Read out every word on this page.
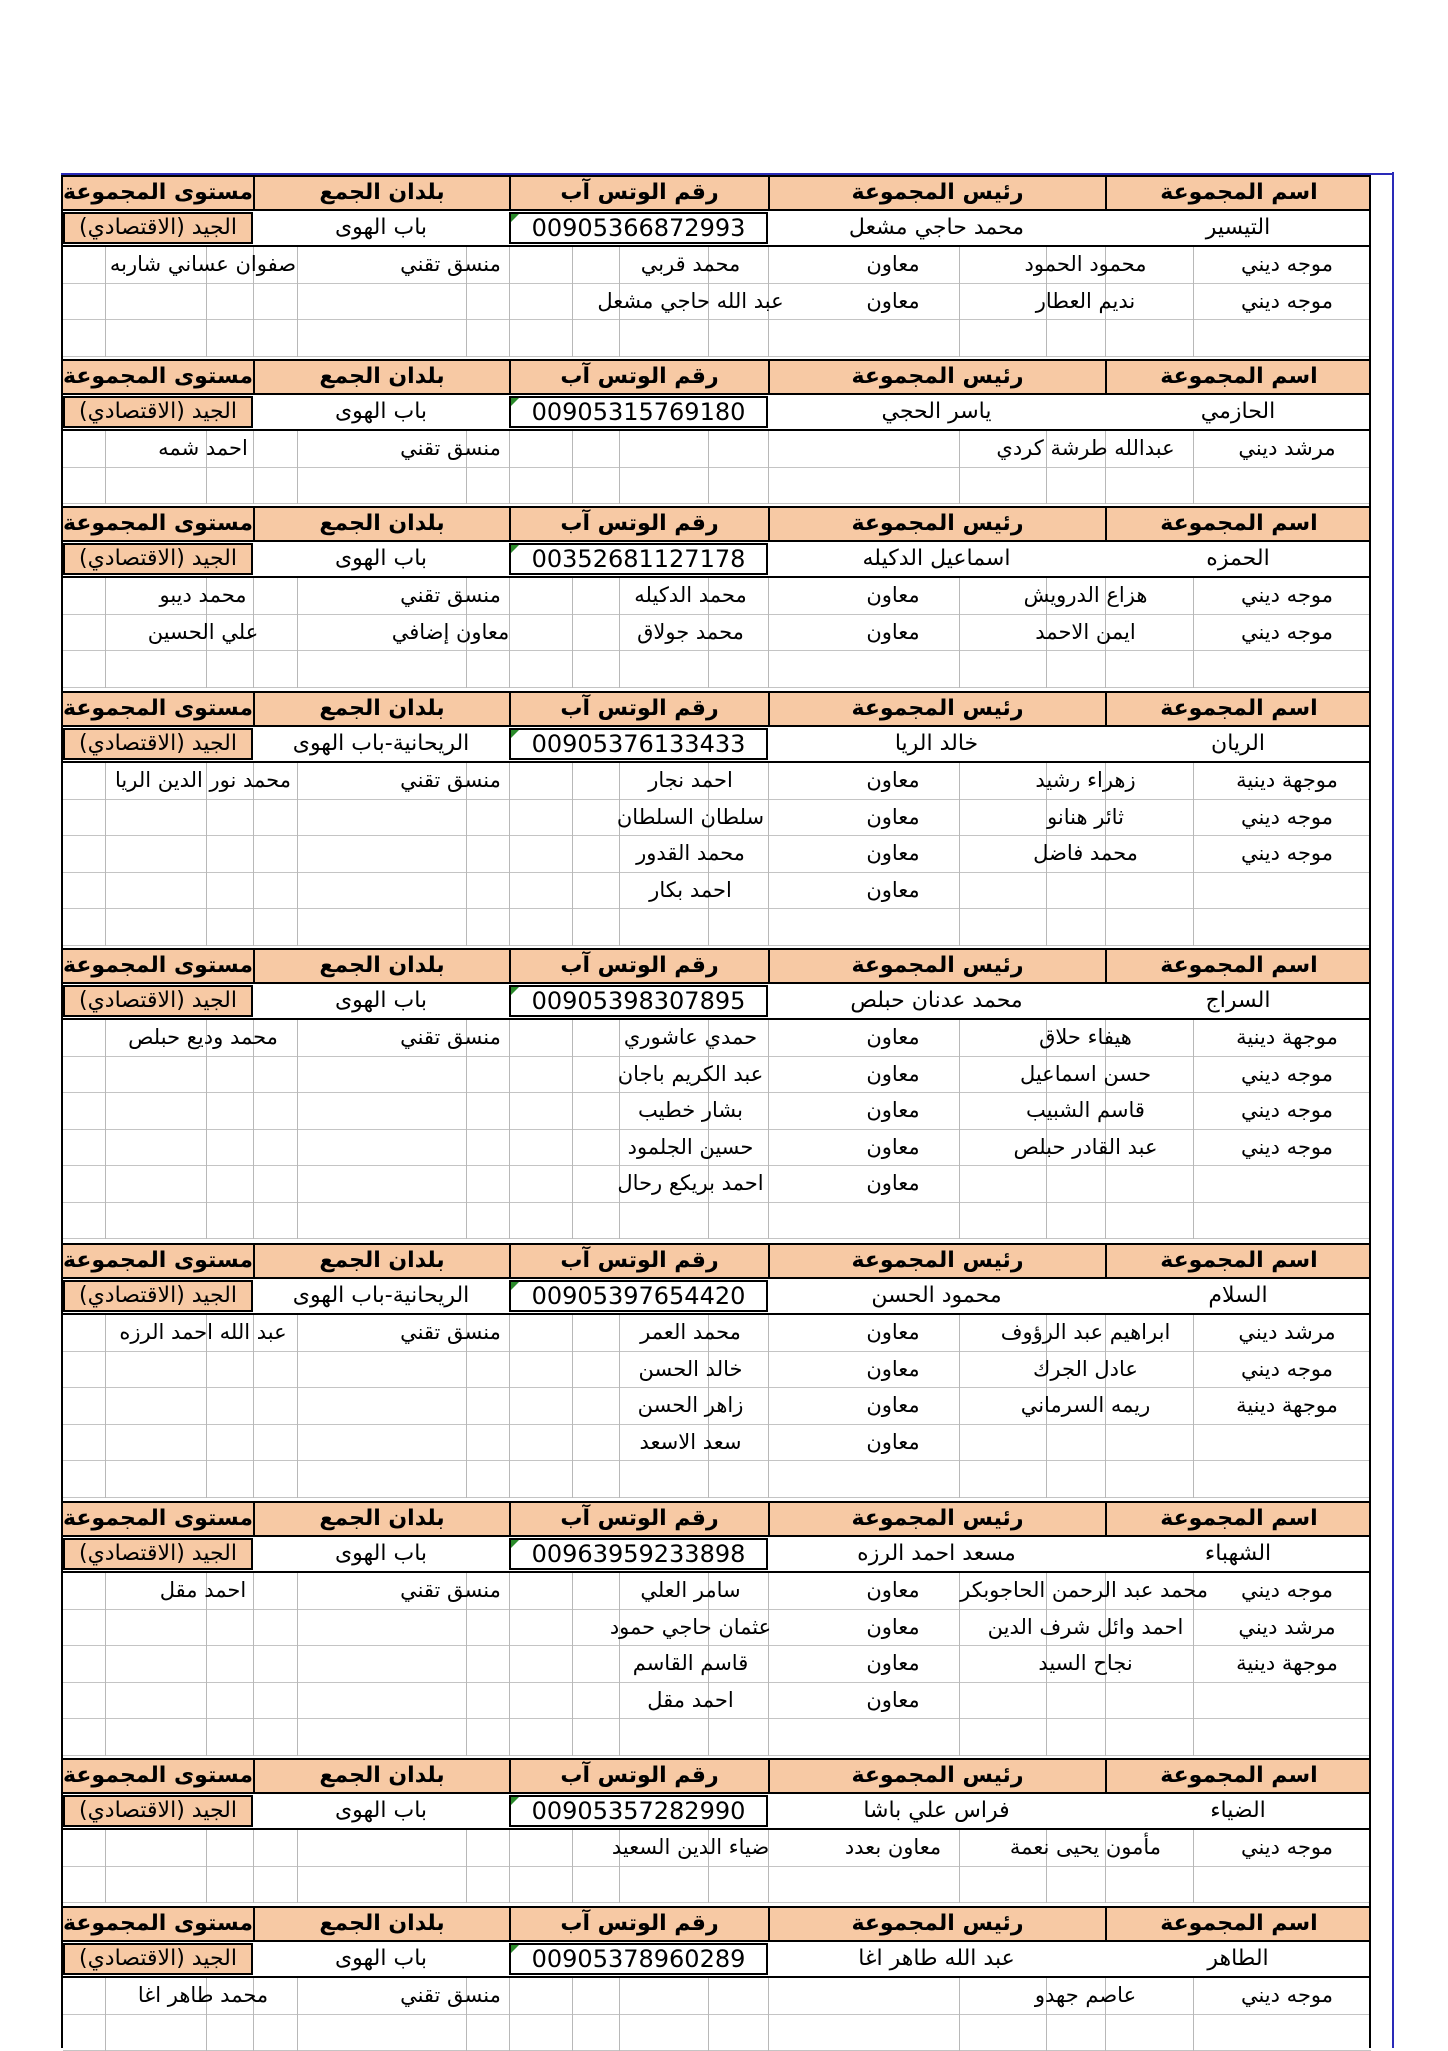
اسم المجموعة
رئيس المجموعة
رقم الوتس آب
بلدان الجمع
مستوى المجموعة
التيسير
محمد حاجي مشعل
00905366872993
باب الهوى
الجيد (الاقتصادي)
موجه ديني
محمود الحمود
معاون
محمد قربي
منسق تقني
صفوان عساني شاربه
موجه ديني
نديم العطار
معاون
عبد الله حاجي مشعل
اسم المجموعة
رئيس المجموعة
رقم الوتس آب
بلدان الجمع
مستوى المجموعة
الحازمي
ياسر الحجي
00905315769180
باب الهوى
الجيد (الاقتصادي)
مرشد ديني
عبدالله طرشة كردي
منسق تقني
احمد شمه
اسم المجموعة
رئيس المجموعة
رقم الوتس آب
بلدان الجمع
مستوى المجموعة
الحمزه
اسماعيل الدكيله
00352681127178
باب الهوى
الجيد (الاقتصادي)
موجه ديني
هزاع الدرويش
معاون
محمد الدكيله
منسق تقني
محمد ديبو
موجه ديني
ايمن الاحمد
معاون
محمد جولاق
معاون إضافي
علي الحسين
اسم المجموعة
رئيس المجموعة
رقم الوتس آب
بلدان الجمع
مستوى المجموعة
الريان
خالد الريا
00905376133433
الريحانية-باب الهوى
الجيد (الاقتصادي)
موجهة دينية
زهراء رشيد
معاون
احمد نجار
منسق تقني
محمد نور الدين الريا
موجه ديني
ثائر هنانو
معاون
سلطان السلطان
موجه ديني
محمد فاضل
معاون
محمد القدور
معاون
احمد بكار
اسم المجموعة
رئيس المجموعة
رقم الوتس آب
بلدان الجمع
مستوى المجموعة
السراج
محمد عدنان حبلص
00905398307895
باب الهوى
الجيد (الاقتصادي)
موجهة دينية
هيفاء حلاق
معاون
حمدي عاشوري
منسق تقني
محمد وديع حبلص
موجه ديني
حسن اسماعيل
معاون
عبد الكريم باجان
موجه ديني
قاسم الشبيب
معاون
بشار خطيب
موجه ديني
عبد القادر حبلص
معاون
حسين الجلمود
معاون
احمد بريكع رحال
اسم المجموعة
رئيس المجموعة
رقم الوتس آب
بلدان الجمع
مستوى المجموعة
السلام
محمود الحسن
00905397654420
الريحانية-باب الهوى
الجيد (الاقتصادي)
مرشد ديني
ابراهيم عبد الرؤوف
معاون
محمد العمر
منسق تقني
عبد الله احمد الرزه
موجه ديني
عادل الجرك
معاون
خالد الحسن
موجهة دينية
ريمه السرماني
معاون
زاهر الحسن
معاون
سعد الاسعد
اسم المجموعة
رئيس المجموعة
رقم الوتس آب
بلدان الجمع
مستوى المجموعة
الشهباء
مسعد احمد الرزه
00963959233898
باب الهوى
الجيد (الاقتصادي)
موجه ديني
محمد عبد الرحمن الحاجوبكر
معاون
سامر العلي
منسق تقني
احمد مقل
مرشد ديني
احمد وائل شرف الدين
معاون
عثمان حاجي حمود
موجهة دينية
نجاح السيد
معاون
قاسم القاسم
معاون
احمد مقل
اسم المجموعة
رئيس المجموعة
رقم الوتس آب
بلدان الجمع
مستوى المجموعة
الضياء
فراس علي باشا
00905357282990
باب الهوى
الجيد (الاقتصادي)
موجه ديني
مأمون يحيى نعمة
معاون بعدد
ضياء الدين السعيد
اسم المجموعة
رئيس المجموعة
رقم الوتس آب
بلدان الجمع
مستوى المجموعة
الطاهر
عبد الله طاهر اغا
00905378960289
باب الهوى
الجيد (الاقتصادي)
موجه ديني
عاصم جهدو
منسق تقني
محمد طاهر اغا
